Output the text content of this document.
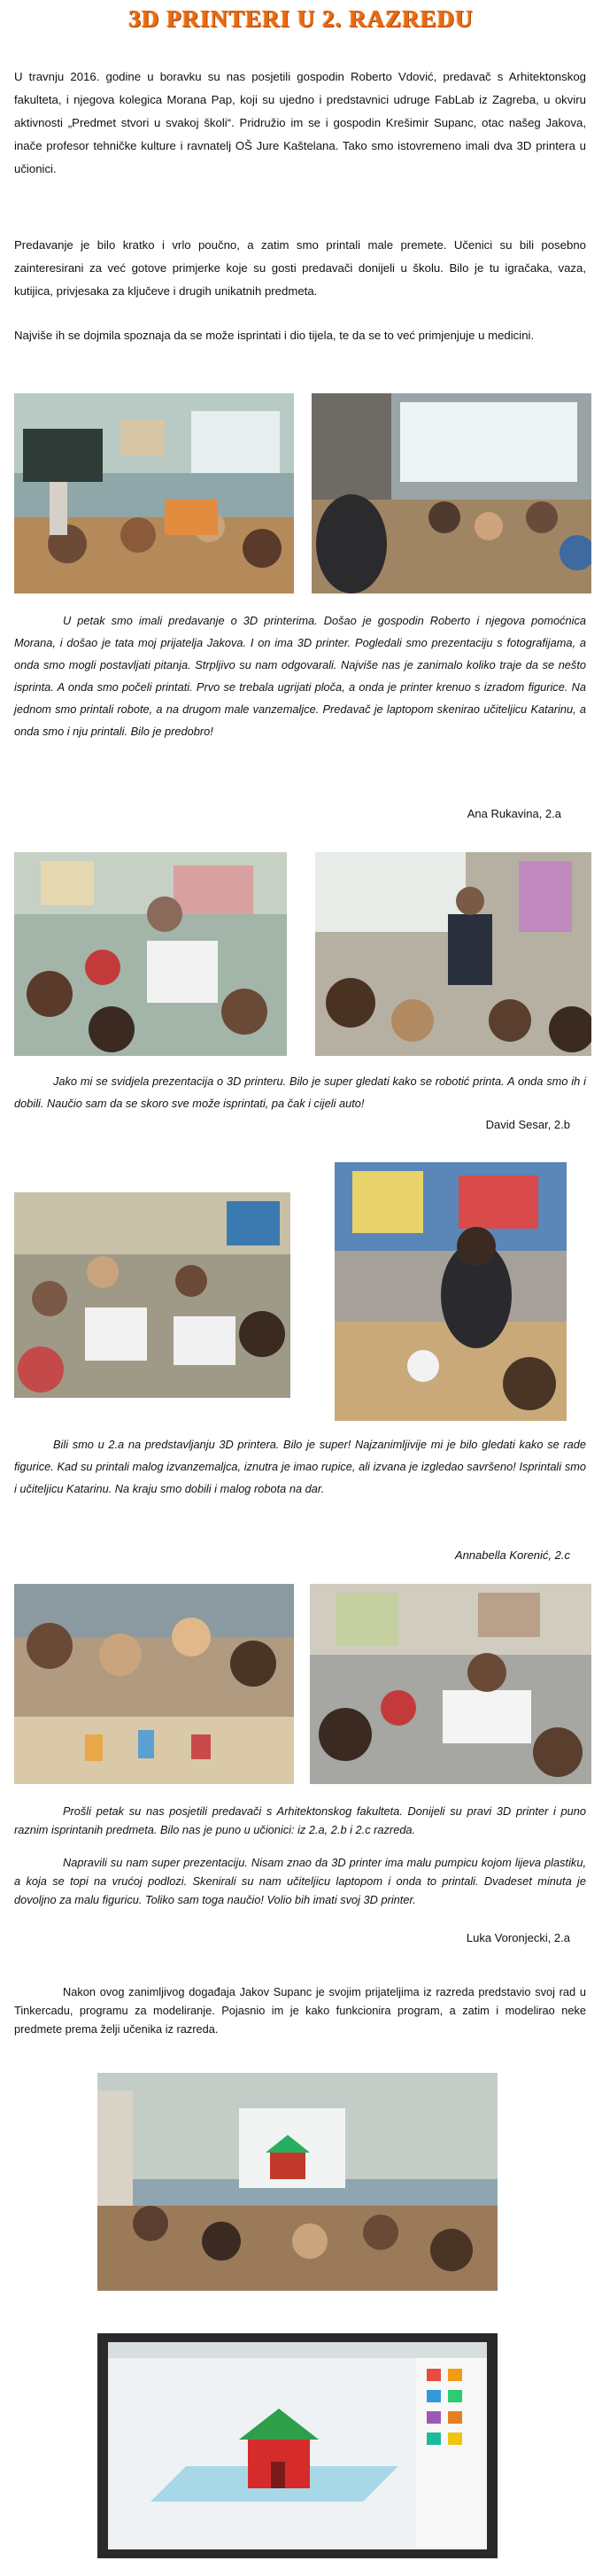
3D PRINTERI U 2. RAZREDU
U travnju 2016. godine u boravku su nas posjetili gospodin Roberto Vdović, predavač s Arhitektonskog fakulteta, i njegova kolegica Morana Pap, koji su ujedno i predstavnici udruge FabLab iz Zagreba, u okviru aktivnosti „Predmet stvori u svakoj školi“. Pridružio im se i gospodin Krešimir Supanc, otac našeg Jakova, inače profesor tehničke kulture i ravnatelj OŠ Jure Kaštelana. Tako smo istovremeno imali dva 3D printera u učionici.
Predavanje je bilo kratko i vrlo poučno, a zatim smo printali male premete. Učenici su bili posebno zainteresirani za već gotove primjerke koje su gosti predavači donijeli u školu. Bilo je tu igračaka, vaza, kutijica, privjesaka za ključeve i drugih unikatnih predmeta.
Najviše ih se dojmila spoznaja da se može isprintati i dio tijela, te da se to već primjenjuje u medicini.
U petak smo imali predavanje o 3D printerima. Došao je gospodin Roberto i njegova pomoćnica Morana, i došao je tata moj prijatelja Jakova. I on ima 3D printer. Pogledali smo prezentaciju s fotografijama, a onda smo mogli postavljati pitanja. Strpljivo su nam odgovarali. Najviše nas je zanimalo koliko traje da se nešto isprinta. A onda smo počeli printati. Prvo se trebala ugrijati ploča, a onda je printer krenuo s izradom figurice. Na jednom smo printali robote, a na drugom male vanzemaljce. Predavač je laptopom skenirao učiteljicu Katarinu, a onda smo i nju printali. Bilo je predobro!
Ana Rukavina, 2.a
Jako mi se svidjela prezentacija o 3D printeru. Bilo je super gledati kako se robotić printa. A onda smo ih i dobili. Naučio sam da se skoro sve može isprintati, pa čak i cijeli auto!
David Sesar, 2.b
Bili smo u 2.a na predstavljanju 3D printera. Bilo je super! Najzanimljivije mi je bilo gledati kako se rade figurice. Kad su printali malog izvanzemaljca, iznutra je imao rupice, ali izvana je izgledao savršeno! Isprintali smo i učiteljicu Katarinu. Na kraju smo dobili i malog robota na dar.
Annabella Korenić, 2.c
Prošli petak su nas posjetili predavači s Arhitektonskog fakulteta. Donijeli su pravi 3D printer i puno raznim isprintanih predmeta. Bilo nas je puno u učionici: iz 2.a, 2.b i 2.c razreda.
Napravili su nam super prezentaciju. Nisam znao da 3D printer ima malu pumpicu kojom lijeva plastiku, a koja se topi na vrućoj podlozi. Skenirali su nam učiteljicu laptopom i onda to printali. Dvadeset minuta je dovoljno za malu figuricu. Toliko sam toga naučio! Volio bih imati svoj 3D printer.
Luka Voronjecki, 2.a
Nakon ovog zanimljivog događaja Jakov Supanc je svojim prijateljima iz razreda predstavio svoj rad u Tinkercadu, programu za modeliranje. Pojasnio im je kako funkcionira program, a zatim i modelirao neke predmete prema želji učenika iz razreda.
